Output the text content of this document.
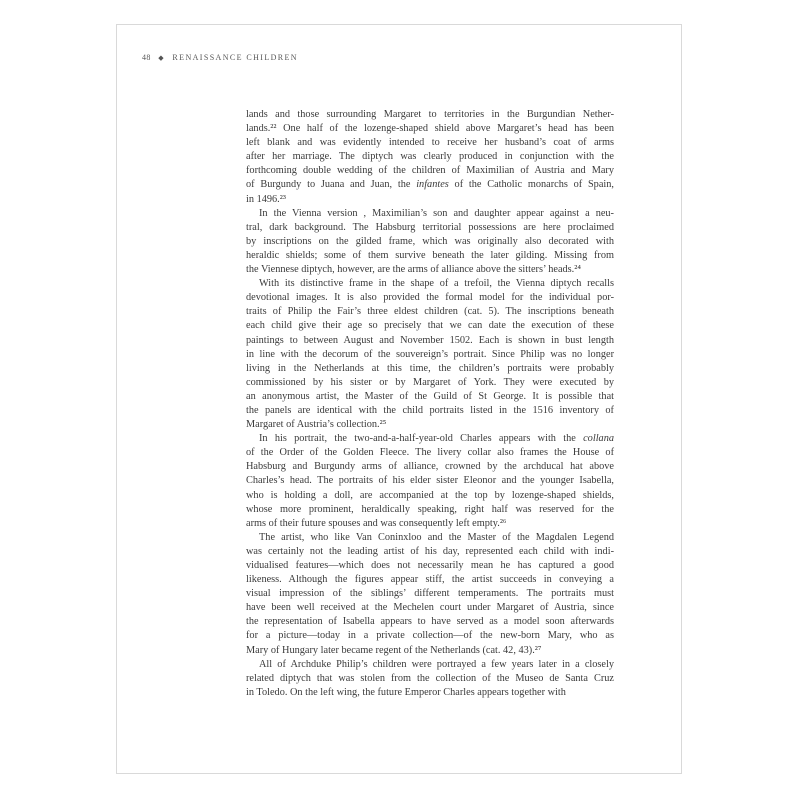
48 ◆ RENAISSANCE CHILDREN
lands and those surrounding Margaret to territories in the Burgundian Nether-
lands.²² One half of the lozenge-shaped shield above Margaret’s head has been
left blank and was evidently intended to receive her husband’s coat of arms
after her marriage. The diptych was clearly produced in conjunction with the
forthcoming double wedding of the children of Maximilian of Austria and Mary
of Burgundy to Juana and Juan, the infantes of the Catholic monarchs of Spain,
in 1496.²³
In the Vienna version , Maximilian’s son and daughter appear against a neu-
tral, dark background. The Habsburg territorial possessions are here proclaimed
by inscriptions on the gilded frame, which was originally also decorated with
heraldic shields; some of them survive beneath the later gilding. Missing from
the Viennese diptych, however, are the arms of alliance above the sitters’ heads.²⁴
With its distinctive frame in the shape of a trefoil, the Vienna diptych recalls
devotional images. It is also provided the formal model for the individual por-
traits of Philip the Fair’s three eldest children (cat. 5). The inscriptions beneath
each child give their age so precisely that we can date the execution of these
paintings to between August and November 1502. Each is shown in bust length
in line with the decorum of the souvereign’s portrait. Since Philip was no longer
living in the Netherlands at this time, the children’s portraits were probably
commissioned by his sister or by Margaret of York. They were executed by
an anonymous artist, the Master of the Guild of St George. It is possible that
the panels are identical with the child portraits listed in the 1516 inventory of
Margaret of Austria’s collection.²⁵
In his portrait, the two-and-a-half-year-old Charles appears with the collana
of the Order of the Golden Fleece. The livery collar also frames the House of
Habsburg and Burgundy arms of alliance, crowned by the archducal hat above
Charles’s head. The portraits of his elder sister Eleonor and the younger Isabella,
who is holding a doll, are accompanied at the top by lozenge-shaped shields,
whose more prominent, heraldically speaking, right half was reserved for the
arms of their future spouses and was consequently left empty.²⁶
The artist, who like Van Coninxloo and the Master of the Magdalen Legend
was certainly not the leading artist of his day, represented each child with indi-
vidualised features—which does not necessarily mean he has captured a good
likeness. Although the figures appear stiff, the artist succeeds in conveying a
visual impression of the siblings’ different temperaments. The portraits must
have been well received at the Mechelen court under Margaret of Austria, since
the representation of Isabella appears to have served as a model soon afterwards
for a picture—today in a private collection—of the new-born Mary, who as
Mary of Hungary later became regent of the Netherlands (cat. 42, 43).²⁷
All of Archduke Philip’s children were portrayed a few years later in a closely
related diptych that was stolen from the collection of the Museo de Santa Cruz
in Toledo. On the left wing, the future Emperor Charles appears together with
